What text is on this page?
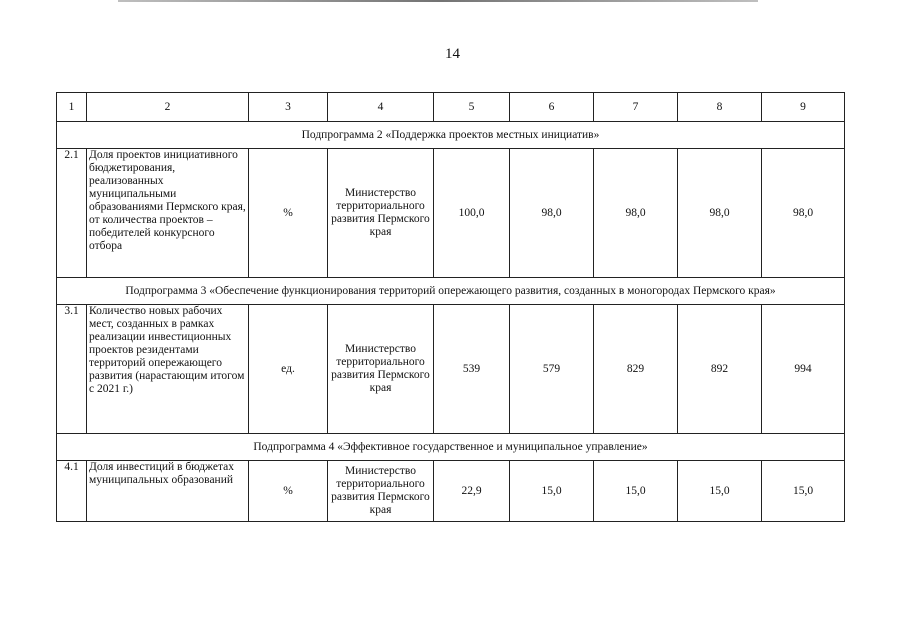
14
1	2	3	4	5	6	7	8	9
Подпрограмма 2 «Поддержка проектов местных инициатив»								
2.1	Доля проектов инициативного бюджетирования, реализованных муниципальными образованиями Пермского края, от количества проектов – победителей конкурсного отбора	%	Министерство территориального развития Пермского края	100,0	98,0	98,0	98,0	98,0
Подпрограмма 3 «Обеспечение функционирования территорий опережающего развития, созданных в моногородах Пермского края»								
3.1	Количество новых рабочих мест, созданных в рамках реализации инвестиционных проектов резидентами территорий опережающего развития (нарастающим итогом с 2021 г.)	ед.	Министерство территориального развития Пермского края	539	579	829	892	994
Подпрограмма 4 «Эффективное государственное и муниципальное управление»								
4.1	Доля инвестиций в бюджетах муниципальных образований	%	Министерство территориального развития Пермского края	22,9	15,0	15,0	15,0	15,0
